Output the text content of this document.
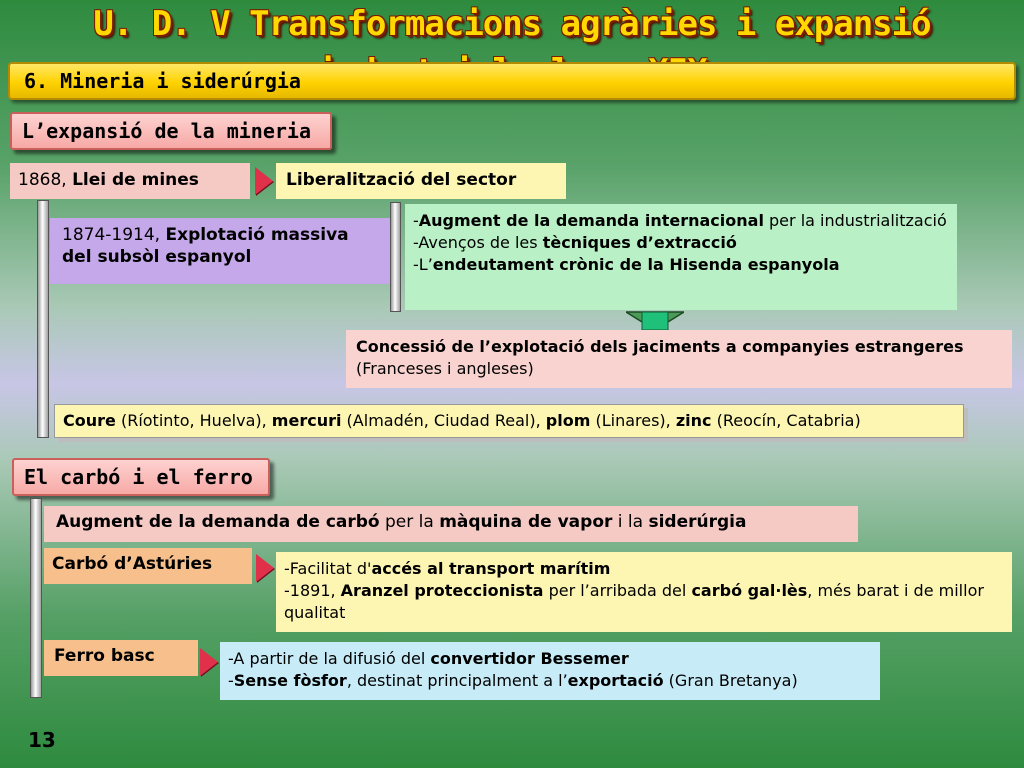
U. D. V Transformacions agràries i expansió
6. Mineria i siderúrgia
L’expansió de la mineria
1868, Llei de mines	Liberalització del sector
1874-1914, Explotació massiva del subsòl espanyol
-Augment de la demanda internacional per la industrialització
-Avenços de les tècniques d’extracció
-L’endeutament crònic de la Hisenda espanyola
Concessió de l’explotació dels jaciments a companyies estrangeres (Franceses i angleses)
Coure (Ríotinto, Huelva), mercuri (Almadén, Ciudad Real), plom (Linares), zinc (Reocín, Catabria)
El carbó i el ferro
Augment de la demanda de carbó per la màquina de vapor i la siderúrgia
Carbó d’Astúries	-Facilitat d'accés al transport marítim
-1891, Aranzel proteccionista per l’arribada del carbó gal·lès, més barat i de millor qualitat
Ferro basc	-A partir de la difusió del convertidor Bessemer
-Sense fòsfor, destinat principalment a l’exportació (Gran Bretanya)
13
